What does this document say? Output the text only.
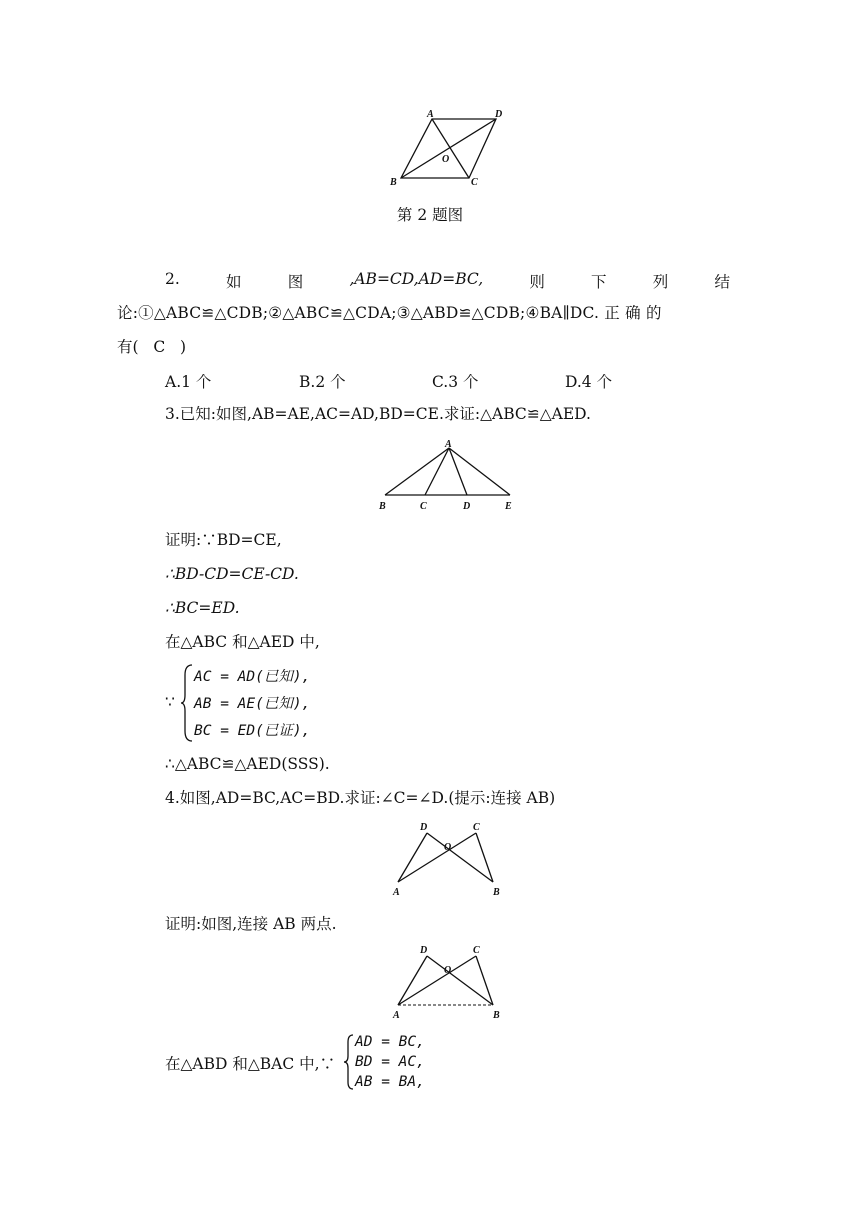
A	D
O
B	C
第 2 题图
2.	如	图	,AB=CD,AD=BC,	则	下	列	结
论:①△ABC≌△CDB;②△ABC≌△CDA;③△ABD≌△CDB;④BA∥DC. 正 确 的
有(   C   )
A.1 个	B.2 个	C.3 个	D.4 个
3.已知:如图,AB=AE,AC=AD,BD=CE.求证:△ABC≌△AED.
A
B	C	D	E
证明:∵BD=CE,
∴BD-CD=CE-CD.
∴BC=ED.
在△ABC 和△AED 中,
∵
AC = AD(已知),
AB = AE(已知),
BC = ED(已证),
∴△ABC≌△AED(SSS).
4.如图,AD=BC,AC=BD.求证:∠C=∠D.(提示:连接 AB)
D	C
O
A	B
证明:如图,连接 AB 两点.
D	C
O
A	B
在△ABD 和△BAC 中,∵
AD = BC,
BD = AC,
AB = BA,
